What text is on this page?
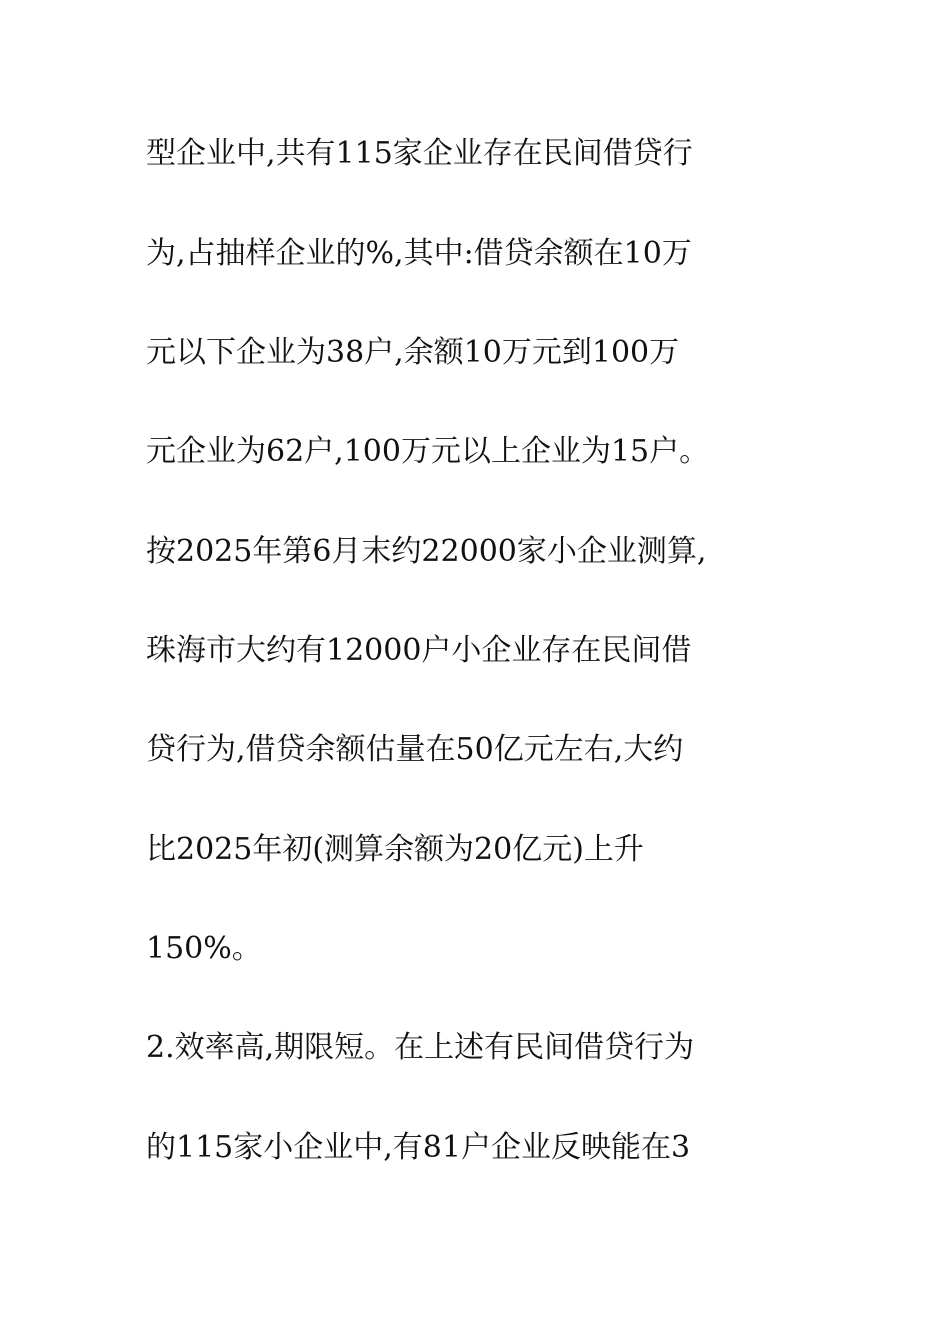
型企业中,共有115家企业存在民间借贷行
为,占抽样企业的%,其中:借贷余额在10万
元以下企业为38户,余额10万元到100万
元企业为62户,100万元以上企业为15户。
按2025年第6月末约22000家小企业测算,
珠海市大约有12000户小企业存在民间借
贷行为,借贷余额估量在50亿元左右,大约
比2025年初(测算余额为20亿元)上升
150%。
2.效率高,期限短。在上述有民间借贷行为
的115家小企业中,有81户企业反映能在3
